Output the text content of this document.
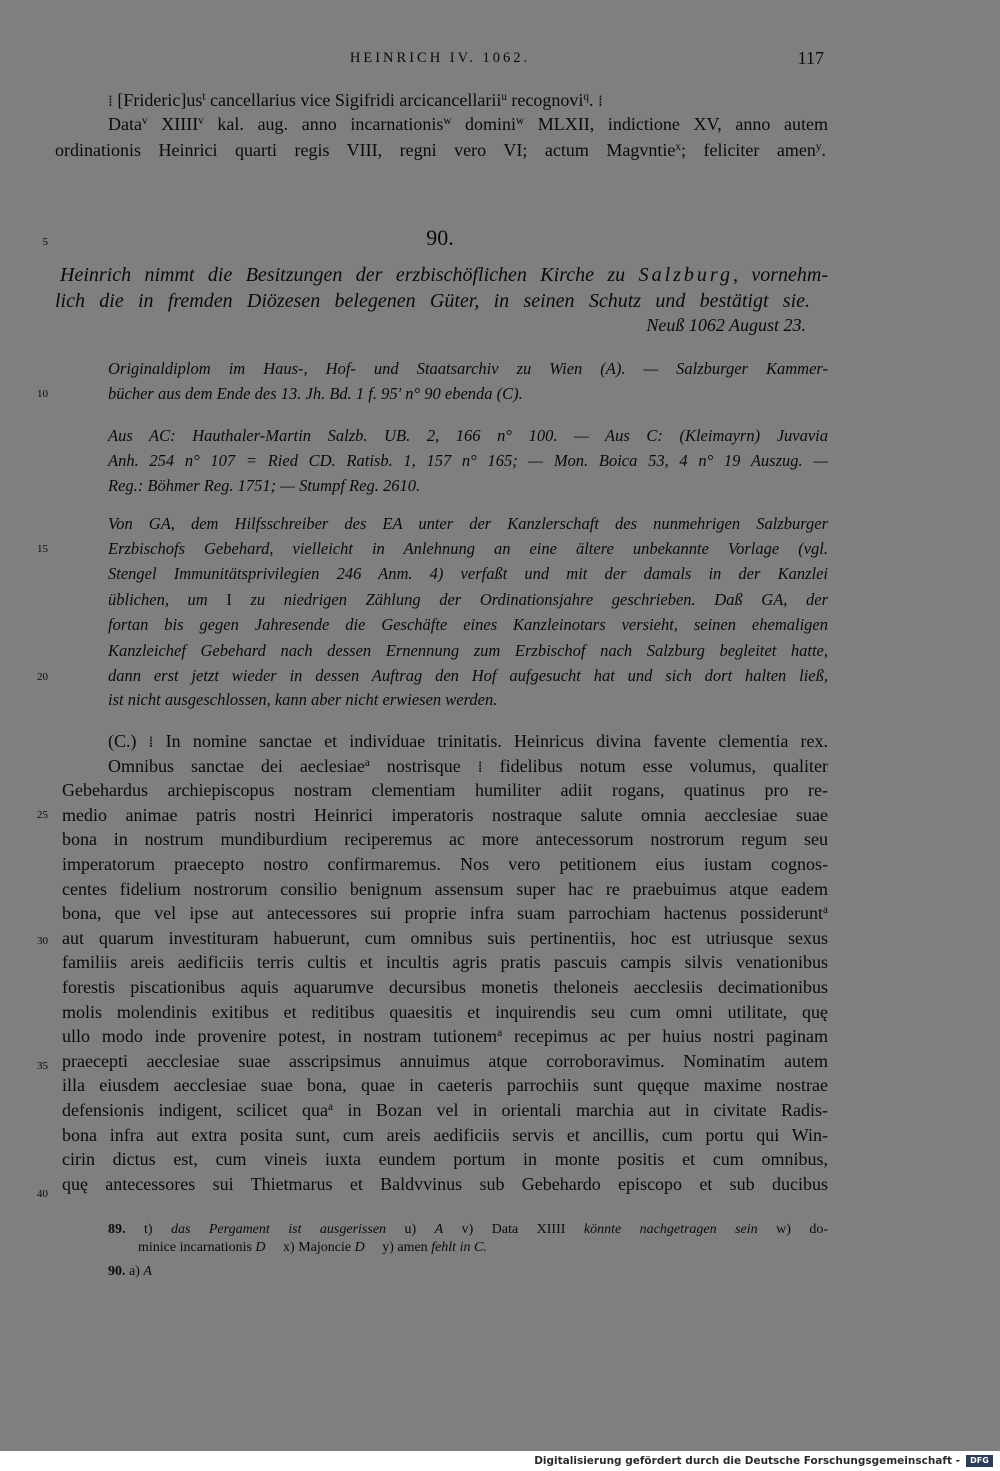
HEINRICH IV. 1062.	117
⁞ $[Frideric]us^t$ cancellarius vice Sigifridi arcicancellarii$^u$ recognovi$^q$. ⁞
Data$^v$ XIIII$^v$ kal. aug. anno incarnationis$^w$ domini$^w$ MLXII, indictione XV, anno autem
ordinationis Heinrici quarti regis VIII, regni vero VI; actum Magvntie$^x$; feliciter amen$^y$.
5
10
15
20
25
30
35
40
90.
Heinrich nimmt die Besitzungen der erzbischöflichen Kirche zu Salzburg, vornehm-
lich die in fremden Diözesen belegenen Güter, in seinen Schutz und bestätigt sie.
Neuß 1062 August 23.
Originaldiplom im Haus-, Hof- und Staatsarchiv zu Wien (A). — Salzburger Kammer-
bücher aus dem Ende des 13. Jh. Bd. 1 f. 95' n° 90 ebenda (C).
Aus AC: Hauthaler-Martin Salzb. UB. 2, 166 n° 100. — Aus C: (Kleimayrn) Juvavia
Anh. 254 n° 107 = Ried CD. Ratisb. 1, 157 n° 165; — Mon. Boica 53, 4 n° 19 Auszug. —
Reg.: Böhmer Reg. 1751; — Stumpf Reg. 2610.
Von GA, dem Hilfsschreiber des EA unter der Kanzlerschaft des nunmehrigen Salzburger
Erzbischofs Gebehard, vielleicht in Anlehnung an eine ältere unbekannte Vorlage (vgl.
Stengel Immunitätsprivilegien 246 Anm. 4) verfaßt und mit der damals in der Kanzlei
üblichen, um I zu niedrigen Zählung der Ordinationsjahre geschrieben. Daß GA, der
fortan bis gegen Jahresende die Geschäfte eines Kanzleinotars versieht, seinen ehemaligen
Kanzleichef Gebehard nach dessen Ernennung zum Erzbischof nach Salzburg begleitet hatte,
dann erst jetzt wieder in dessen Auftrag den Hof aufgesucht hat und sich dort halten ließ,
ist nicht ausgeschlossen, kann aber nicht erwiesen werden.
(C.) ⁞ In nomine sanctae et individuae trinitatis. Heinricus divina favente clementia rex.
Omnibus sanctae dei aeclesiae$^a$ nostrisque ⁞ fidelibus notum esse volumus, qualiter
Gebehardus archiepiscopus nostram clementiam humiliter adiit rogans, quatinus pro re-
medio animae patris nostri Heinrici imperatoris nostraque salute omnia aecclesiae suae
bona in nostrum mundiburdium reciperemus ac more antecessorum nostrorum regum seu
imperatorum praecepto nostro confirmaremus. Nos vero petitionem eius iustam cognos-
centes fidelium nostrorum consilio benignum assensum super hac re praebuimus atque eadem
bona, que vel ipse aut antecessores sui proprie infra suam parrochiam hactenus possiderunt$^a$
aut quarum investituram habuerunt, cum omnibus suis pertinentiis, hoc est utriusque sexus
familiis areis aedificiis terris cultis et incultis agris pratis pascuis campis silvis venationibus
forestis piscationibus aquis aquarumve decursibus monetis theloneis aecclesiis decimationibus
molis molendinis exitibus et reditibus quaesitis et inquirendis seu cum omni utilitate, quę
ullo modo inde provenire potest, in nostram tutionem$^a$ recepimus ac per huius nostri paginam
praecepti aecclesiae suae asscripsimus annuimus atque corroboravimus. Nominatim autem
illa eiusdem aecclesiae suae bona, quae in caeteris parrochiis sunt quęque maxime nostrae
defensionis indigent, scilicet qua$^a$ in Bozan vel in orientali marchia aut in civitate Radis-
bona infra aut extra posita sunt, cum areis aedificiis servis et ancillis, cum portu qui Win-
cirin dictus est, cum vineis iuxta eundem portum in monte positis et cum omnibus,
quę antecessores sui Thietmarus et Baldvvinus sub Gebehardo episcopo et sub ducibus
89. t) das Pergament ist ausgerissen u) A v) Data XIIII könnte nachgetragen sein w) do-
minice incarnationis D  x) Majoncie D  y) amen fehlt in C.
90. a) A
Digitalisierung gefördert durch die Deutsche Forschungsgemeinschaft -	DFG
